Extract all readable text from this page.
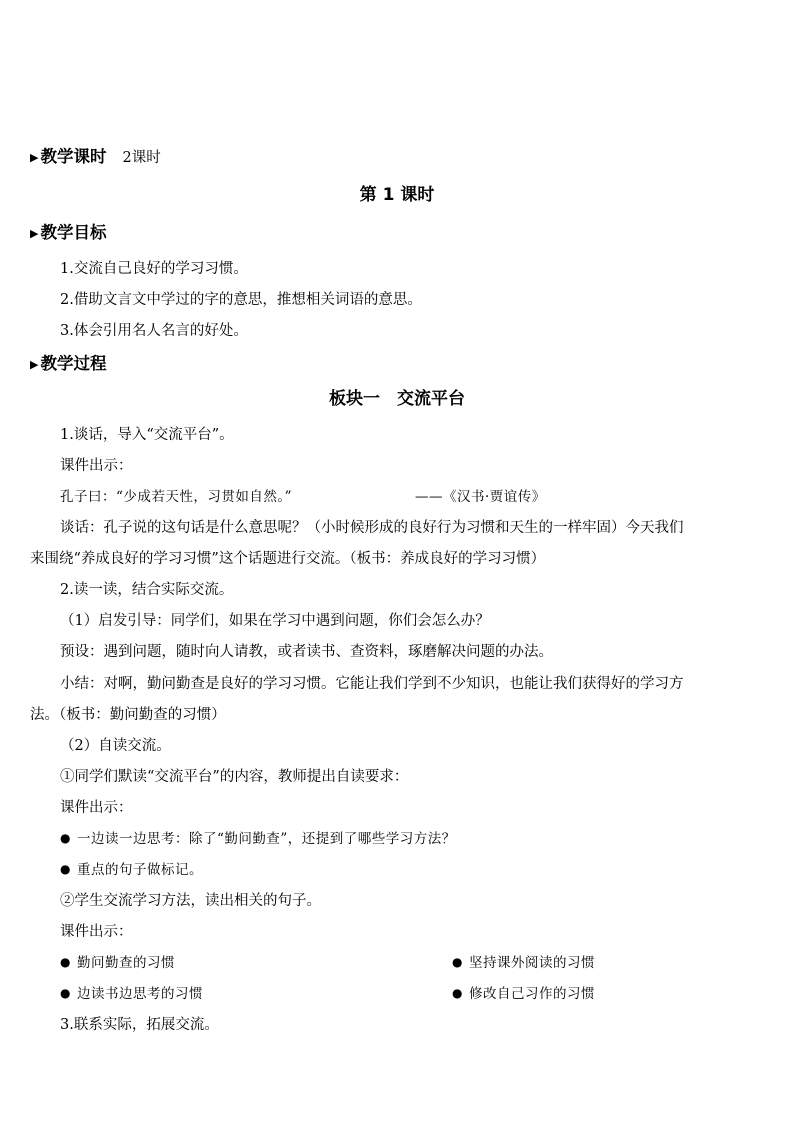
▶ 教学课时 2课时
第 1 课时
▶ 教学目标
1.交流自己良好的学习习惯。
2.借助文言文中学过的字的意思，推想相关词语的意思。
3.体会引用名人名言的好处。
▶ 教学过程
板块一　交流平台
1.谈话，导入“交流平台”。
课件出示：
孔子曰：“少成若天性，习贯如自然。”	——《汉书·贾谊传》
谈话：孔子说的这句话是什么意思呢？（小时候形成的良好行为习惯和天生的一样牢固）今天我们
来围绕“养成良好的学习习惯”这个话题进行交流。（板书：养成良好的学习习惯）
2.读一读，结合实际交流。
（1）启发引导：同学们，如果在学习中遇到问题，你们会怎么办？
预设：遇到问题，随时向人请教，或者读书、查资料，琢磨解决问题的办法。
小结：对啊，勤问勤查是良好的学习习惯。它能让我们学到不少知识，也能让我们获得好的学习方
法。（板书：勤问勤查的习惯）
（2）自读交流。
①同学们默读“交流平台”的内容，教师提出自读要求：
课件出示：
● 一边读一边思考：除了“勤问勤查”，还提到了哪些学习方法？
● 重点的句子做标记。
②学生交流学习方法，读出相关的句子。
课件出示：
● 勤问勤查的习惯	● 坚持课外阅读的习惯
● 边读书边思考的习惯	● 修改自己习作的习惯
3.联系实际，拓展交流。
